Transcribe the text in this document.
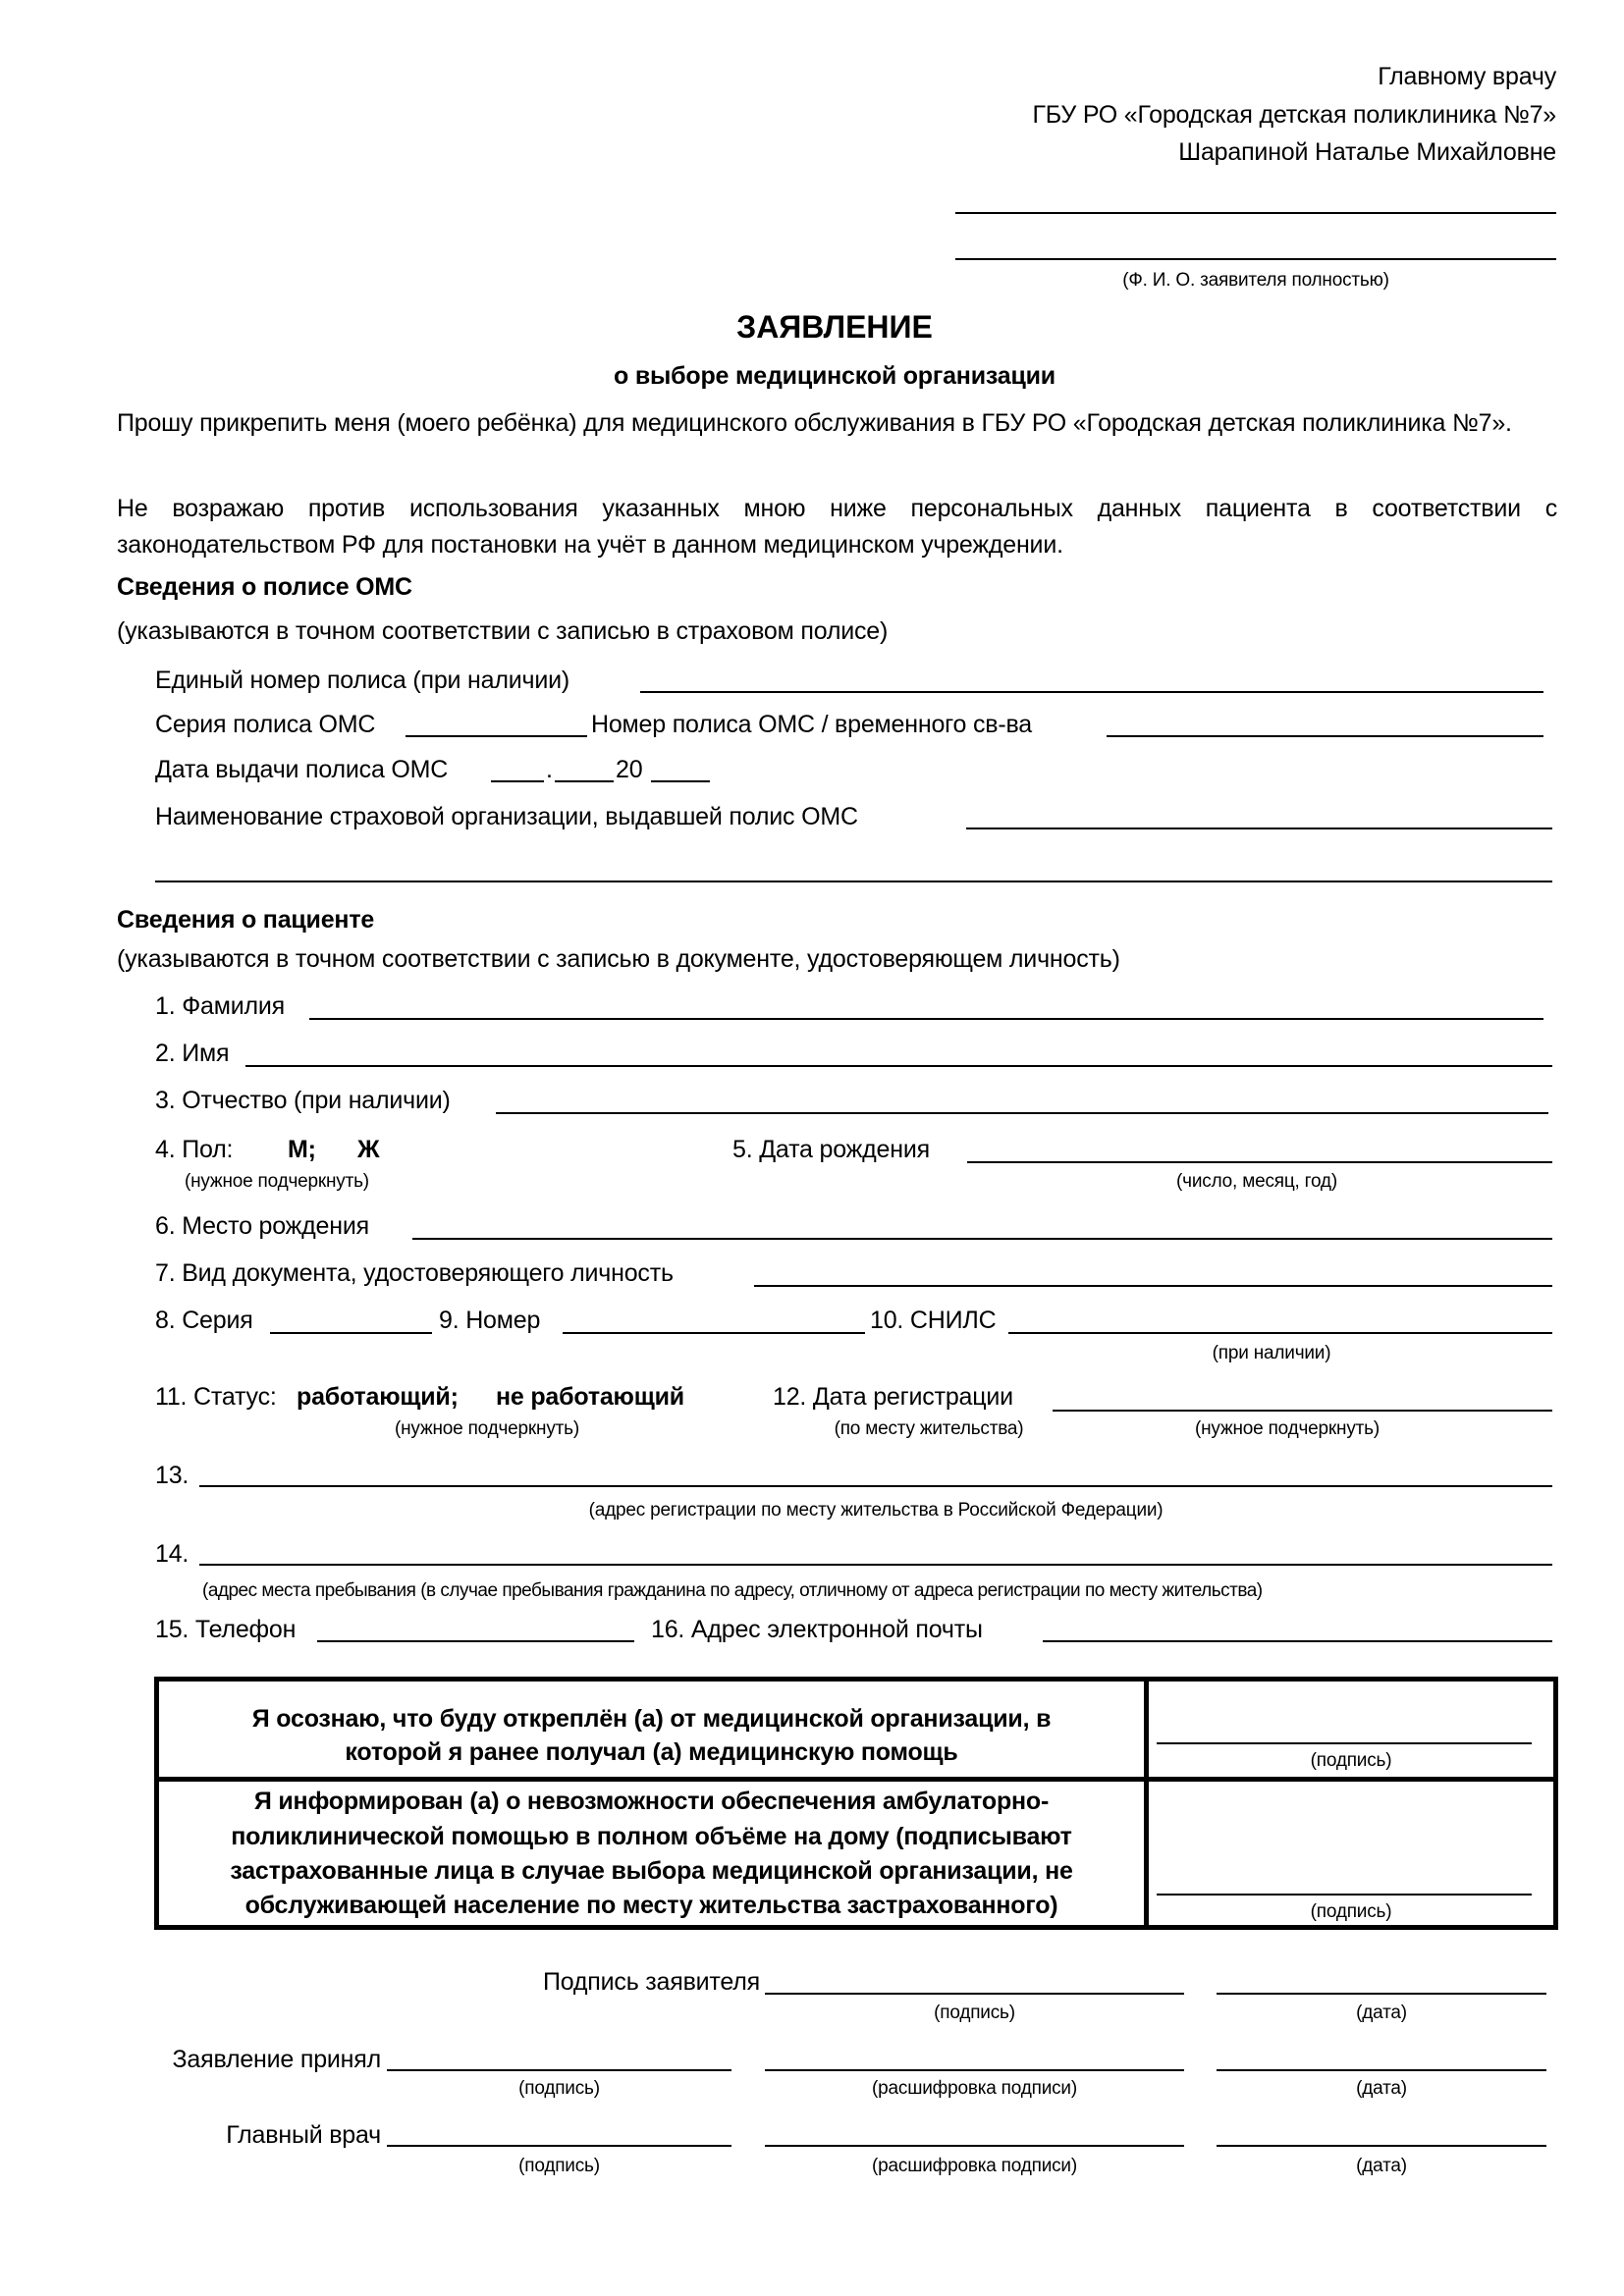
Главному врачу
ГБУ РО «Городская детская поликлиника №7»
Шарапиной Наталье Михайловне
(Ф. И. О. заявителя полностью)
ЗАЯВЛЕНИЕ
о выборе медицинской организации
Прошу прикрепить меня (моего ребёнка) для медицинского обслуживания в ГБУ РО «Городская детская поликлиника №7».
Не возражаю против использования указанных мною ниже персональных данных пациента в соответствии с законодательством РФ для постановки на учёт в данном медицинском учреждении.
Сведения о полисе ОМС
(указываются в точном соответствии с записью в страховом полисе)
Единый номер полиса (при наличии)
Серия полиса ОМС	Номер полиса ОМС / временного св-ва
Дата выдачи полиса ОМС	.	20
Наименование страховой организации, выдавшей полис ОМС
Сведения о пациенте
(указываются в точном соответствии с записью в документе, удостоверяющем личность)
1. Фамилия
2. Имя
3. Отчество (при наличии)
4. Пол: М; Ж
(нужное подчеркнуть)
5. Дата рождения
(число, месяц, год)
6. Место рождения
7. Вид документа, удостоверяющего личность
8. Серия	9. Номер	10. СНИЛС
(при наличии)
11. Статус: работающий; не работающий
(нужное подчеркнуть)
12. Дата регистрации
(по месту жительства)	(нужное подчеркнуть)
13.
(адрес регистрации по месту жительства в Российской Федерации)
14.
(адрес места пребывания (в случае пребывания гражданина по адресу, отличному от адреса регистрации по месту жительства)
15. Телефон	16. Адрес электронной почты
Я осознаю, что буду откреплён (а) от медицинской организации, в
которой я ранее получал (а) медицинскую помощь	(подпись)
Я информирован (а) о невозможности обеспечения амбулаторно-
поликлинической помощью в полном объёме на дому (подписывают
застрахованные лица в случае выбора медицинской организации, не
обслуживающей население по месту жительства застрахованного)	(подпись)
Подпись заявителя
(подпись)	(дата)
Заявление принял
(подпись)	(расшифровка подписи)	(дата)
Главный врач
(подпись)	(расшифровка подписи)	(дата)
